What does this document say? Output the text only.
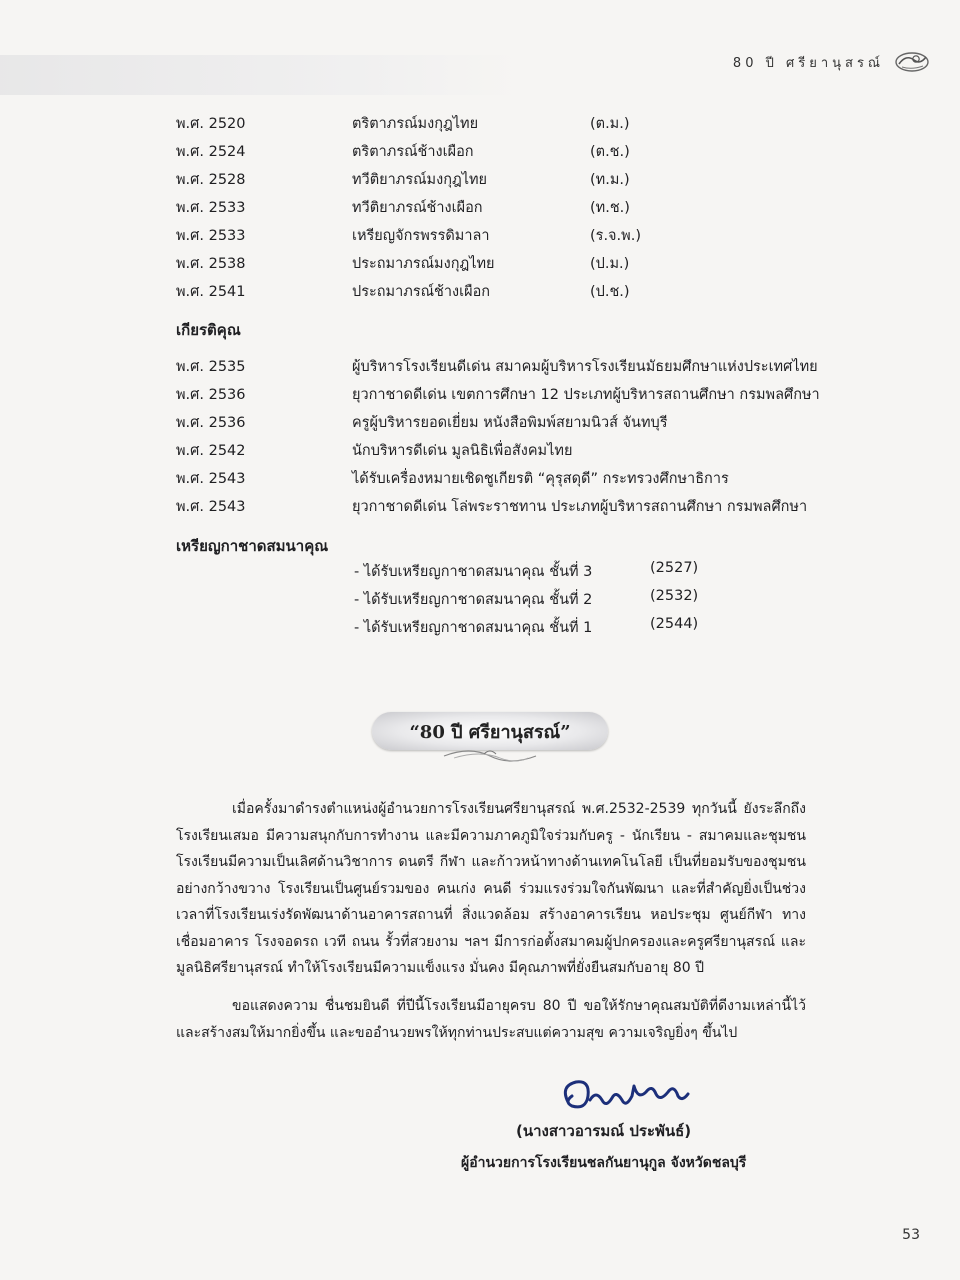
80 ปี ศรียานุสรณ์
พ.ศ. 2520	ตริตาภรณ์มงกุฎไทย	(ต.ม.)
พ.ศ. 2524	ตริตาภรณ์ช้างเผือก	(ต.ช.)
พ.ศ. 2528	ทวีติยาภรณ์มงกุฎไทย	(ท.ม.)
พ.ศ. 2533	ทวีติยาภรณ์ช้างเผือก	(ท.ช.)
พ.ศ. 2533	เหรียญจักรพรรดิมาลา	(ร.จ.พ.)
พ.ศ. 2538	ประถมาภรณ์มงกุฎไทย	(ป.ม.)
พ.ศ. 2541	ประถมาภรณ์ช้างเผือก	(ป.ช.)
เกียรติคุณ
พ.ศ. 2535	ผู้บริหารโรงเรียนดีเด่น สมาคมผู้บริหารโรงเรียนมัธยมศึกษาแห่งประเทศไทย
พ.ศ. 2536	ยุวกาชาดดีเด่น เขตการศึกษา 12 ประเภทผู้บริหารสถานศึกษา กรมพลศึกษา
พ.ศ. 2536	ครูผู้บริหารยอดเยี่ยม หนังสือพิมพ์สยามนิวส์ จันทบุรี
พ.ศ. 2542	นักบริหารดีเด่น มูลนิธิเพื่อสังคมไทย
พ.ศ. 2543	ได้รับเครื่องหมายเชิดชูเกียรติ “คุรุสดุดี” กระทรวงศึกษาธิการ
พ.ศ. 2543	ยุวกาชาดดีเด่น โล่พระราชทาน ประเภทผู้บริหารสถานศึกษา กรมพลศึกษา
เหรียญกาชาดสมนาคุณ
- ได้รับเหรียญกาชาดสมนาคุณ ชั้นที่ 3	(2527)
- ได้รับเหรียญกาชาดสมนาคุณ ชั้นที่ 2	(2532)
- ได้รับเหรียญกาชาดสมนาคุณ ชั้นที่ 1	(2544)
“80 ปี ศรียานุสรณ์”
เมื่อครั้งมาดำรงตำแหน่งผู้อำนวยการโรงเรียนศรียานุสรณ์ พ.ศ.2532-2539 ทุกวันนี้ ยังระลึกถึงโรงเรียนเสมอ มีความสนุกกับการทำงาน และมีความภาคภูมิใจร่วมกับครู - นักเรียน - สมาคมและชุมชน โรงเรียนมีความเป็นเลิศด้านวิชาการ ดนตรี กีฬา และก้าวหน้าทางด้านเทคโนโลยี เป็นที่ยอมรับของชุมชนอย่างกว้างขวาง โรงเรียนเป็นศูนย์รวมของ คนเก่ง คนดี ร่วมแรงร่วมใจกันพัฒนา และที่สำคัญยิ่งเป็นช่วงเวลาที่โรงเรียนเร่งรัดพัฒนาด้านอาคารสถานที่ สิ่งแวดล้อม สร้างอาคารเรียน หอประชุม ศูนย์กีฬา ทางเชื่อมอาคาร โรงจอดรถ เวที ถนน รั้วที่สวยงาม ฯลฯ มีการก่อตั้งสมาคมผู้ปกครองและครูศรียานุสรณ์ และมูลนิธิศรียานุสรณ์ ทำให้โรงเรียนมีความแข็งแรง มั่นคง มีคุณภาพที่ยั่งยืนสมกับอายุ 80 ปี
ขอแสดงความ ชื่นชมยินดี ที่ปีนี้โรงเรียนมีอายุครบ 80 ปี ขอให้รักษาคุณสมบัติที่ดีงามเหล่านี้ไว้และสร้างสมให้มากยิ่งขึ้น และขออำนวยพรให้ทุกท่านประสบแต่ความสุข ความเจริญยิ่งๆ ขึ้นไป
(นางสาวอารมณ์ ประพันธ์)
ผู้อำนวยการโรงเรียนชลกันยานุกูล จังหวัดชลบุรี
53
